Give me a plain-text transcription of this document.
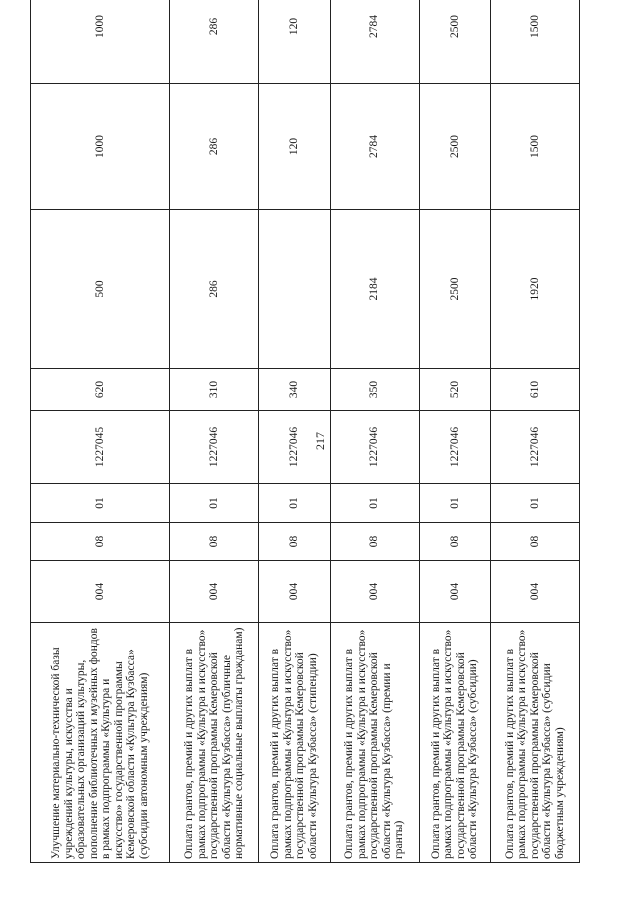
217
Улучшение материально-технической базы учреждений культуры, искусства и образовательных организаций культуры, пополнение библиотечных и музейных фондов в рамках подпрограммы «Культура и искусство» государственной программы Кемеровской области «Культура Кузбасса» (субсидии автономным учреждениям)	004	08	01	1227045	620	500	1000	1000
Оплата грантов, премий и других выплат в рамках подпрограммы «Культура и искусство» государственной программы Кемеровской области «Культура Кузбасса» (публичные нормативные социальные выплаты гражданам)	004	08	01	1227046	310	286	286	286
Оплата грантов, премий и других выплат в рамках подпрограммы «Культура и искусство» государственной программы Кемеровской области «Культура Кузбасса» (стипендии)	004	08	01	1227046	340		120	120
Оплата грантов, премий и других выплат в рамках подпрограммы «Культура и искусство» государственной программы Кемеровской области «Культура Кузбасса» (премии и гранты)	004	08	01	1227046	350	2184	2784	2784
Оплата грантов, премий и других выплат в рамках подпрограммы «Культура и искусство» государственной программы Кемеровской области «Культура Кузбасса» (субсидии)	004	08	01	1227046	520	2500	2500	2500
Оплата грантов, премий и других выплат в рамках подпрограммы «Культура и искусство» государственной программы Кемеровской области «Культура Кузбасса» (субсидии бюджетным учреждениям)	004	08	01	1227046	610	1920	1500	1500
